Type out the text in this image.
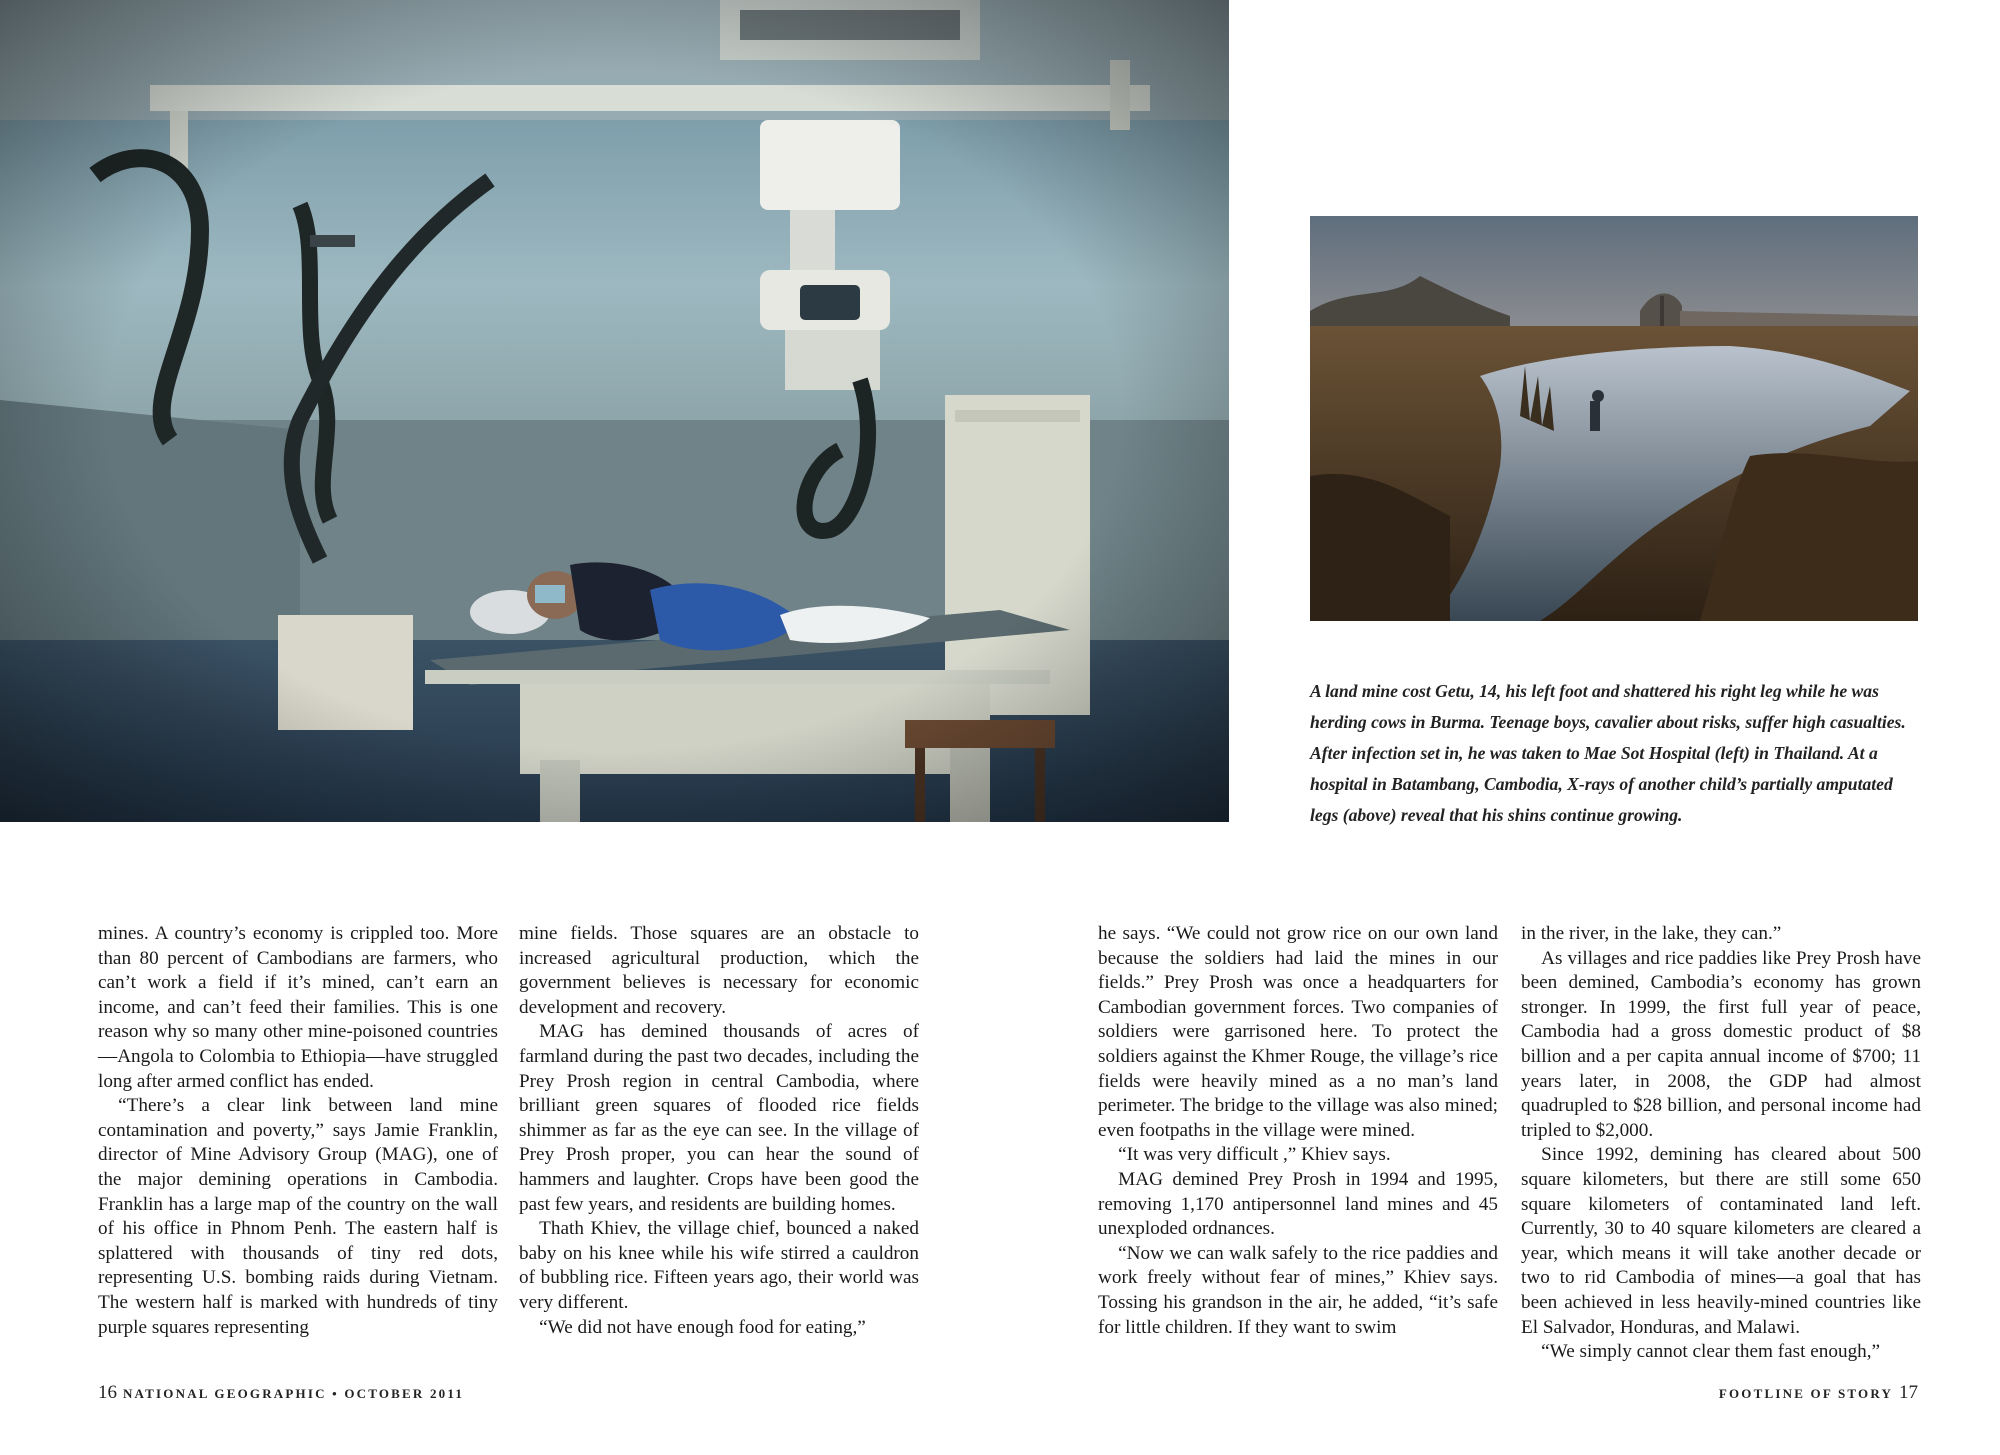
A land mine cost Getu, 14, his left foot and shattered his right leg while he was herding cows in Burma. Teenage boys, cavalier about risks, suffer high casualties. After infection set in, he was taken to Mae Sot Hospital (left) in Thailand. At a hospital in Batambang, Cambodia, X-rays of another child’s partially amputated legs (above) reveal that his shins continue growing.

mines. A country’s economy is crippled too. More than 80 percent of Cambodians are farmers, who can’t work a field if it’s mined, can’t earn an income, and can’t feed their families. This is one reason why so many other mine-poisoned countries—Angola to Colombia to Ethiopia—have struggled long after armed conflict has ended.

“There’s a clear link between land mine contamination and poverty,” says Jamie Franklin, director of Mine Advisory Group (MAG), one of the major demining operations in Cambodia. Franklin has a large map of the country on the wall of his office in Phnom Penh. The eastern half is splattered with thousands of tiny red dots, representing U.S. bombing raids during Vietnam. The western half is marked with hundreds of tiny purple squares representing

mine fields. Those squares are an obstacle to increased agricultural production, which the government believes is necessary for economic development and recovery.

MAG has demined thousands of acres of farmland during the past two decades, including the Prey Prosh region in central Cambodia, where brilliant green squares of flooded rice fields shimmer as far as the eye can see. In the village of Prey Prosh proper, you can hear the sound of hammers and laughter. Crops have been good the past few years, and residents are building homes.

Thath Khiev, the village chief, bounced a naked baby on his knee while his wife stirred a cauldron of bubbling rice. Fifteen years ago, their world was very different.

“We did not have enough food for eating,”

he says. “We could not grow rice on our own land because the soldiers had laid the mines in our fields.” Prey Prosh was once a headquarters for Cambodian government forces. Two companies of soldiers were garrisoned here. To protect the soldiers against the Khmer Rouge, the village’s rice fields were heavily mined as a no man’s land perimeter. The bridge to the village was also mined; even footpaths in the village were mined.

“It was very difficult ,” Khiev says.

MAG demined Prey Prosh in 1994 and 1995, removing 1,170 antipersonnel land mines and 45 unexploded ordnances.

“Now we can walk safely to the rice paddies and work freely without fear of mines,” Khiev says. Tossing his grandson in the air, he added, “it’s safe for little children. If they want to swim

in the river, in the lake, they can.”

As villages and rice paddies like Prey Prosh have been demined, Cambodia’s economy has grown stronger. In 1999, the first full year of peace, Cambodia had a gross domestic product of $8 billion and a per capita annual income of $700; 11 years later, in 2008, the GDP had almost quadrupled to $28 billion, and personal income had tripled to $2,000.

Since 1992, demining has cleared about 500 square kilometers, but there are still some 650 square kilometers of contaminated land left. Currently, 30 to 40 square kilometers are cleared a year, which means it will take another decade or two to rid Cambodia of mines—a goal that has been achieved in less heavily-mined countries like El Salvador, Honduras, and Malawi.

“We simply cannot clear them fast enough,”

16 NATIONAL GEOGRAPHIC • OCTOBER 2011	FOOTLINE OF STORY 17
